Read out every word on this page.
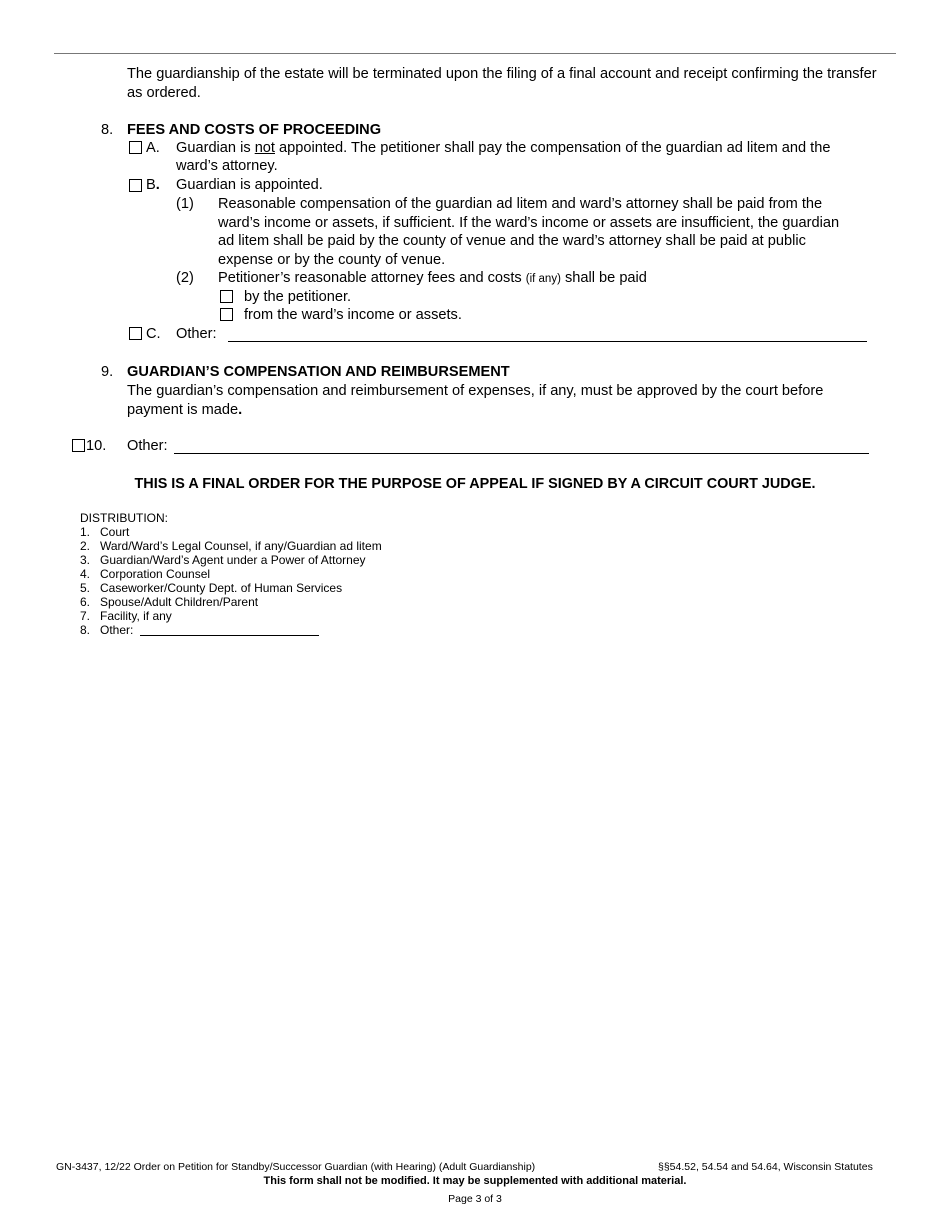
The guardianship of the estate will be terminated upon the filing of a final account and receipt confirming the transfer as ordered.
8. FEES AND COSTS OF PROCEEDING
A. Guardian is not appointed. The petitioner shall pay the compensation of the guardian ad litem and the
ward’s attorney.
B. Guardian is appointed.
(1) Reasonable compensation of the guardian ad litem and ward’s attorney shall be paid from the
ward’s income or assets, if sufficient. If the ward’s income or assets are insufficient, the guardian
ad litem shall be paid by the county of venue and the ward’s attorney shall be paid at public
expense or by the county of venue.
(2) Petitioner’s reasonable attorney fees and costs (if any) shall be paid
by the petitioner.
from the ward’s income or assets.
C. Other:
9. GUARDIAN’S COMPENSATION AND REIMBURSEMENT
The guardian’s compensation and reimbursement of expenses, if any, must be approved by the court before
payment is made.
10. Other:
THIS IS A FINAL ORDER FOR THE PURPOSE OF APPEAL IF SIGNED BY A CIRCUIT COURT JUDGE.
DISTRIBUTION:
1. Court
2. Ward/Ward’s Legal Counsel, if any/Guardian ad litem
3. Guardian/Ward’s Agent under a Power of Attorney
4. Corporation Counsel
5. Caseworker/County Dept. of Human Services
6. Spouse/Adult Children/Parent
7. Facility, if any
8. Other:
GN-3437, 12/22 Order on Petition for Standby/Successor Guardian (with Hearing) (Adult Guardianship)	§§54.52, 54.54 and 54.64, Wisconsin Statutes
This form shall not be modified. It may be supplemented with additional material.
Page 3 of 3
